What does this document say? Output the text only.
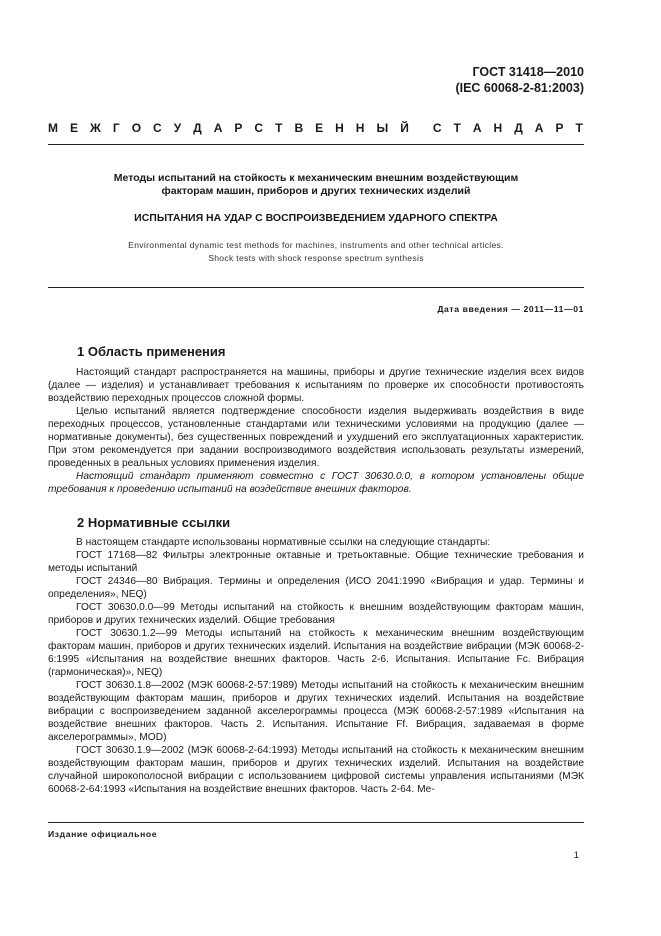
ГОСТ 31418—2010
(IEC 60068-2-81:2003)
М Е Ж Г О С У Д А Р С Т В Е Н Н Ы Й С Т А Н Д А Р Т
Методы испытаний на стойкость к механическим внешним воздействующим
факторам машин, приборов и других технических изделий
ИСПЫТАНИЯ НА УДАР С ВОСПРОИЗВЕДЕНИЕМ УДАРНОГО СПЕКТРА
Environmental dynamic test methods for machines, instruments and other technical articles.
Shock tests with shock response spectrum synthesis
Дата введения — 2011—11—01
1 Область применения

Настоящий стандарт распространяется на машины, приборы и другие технические изделия всех видов (далее — изделия) и устанавливает требования к испытаниям по проверке их способности противостоять воздействию переходных процессов сложной формы.

Целью испытаний является подтверждение способности изделия выдерживать воздействия в виде переходных процессов, установленные стандартами или техническими условиями на продукцию (далее — нормативные документы), без существенных повреждений и ухудшений его эксплуатационных характеристик. При этом рекомендуется при задании воспроизводимого воздействия использовать результаты измерений, проведенных в реальных условиях применения изделия.

Настоящий стандарт применяют совместно с ГОСТ 30630.0.0, в котором установлены общие требования к проведению испытаний на воздействие внешних факторов.

2 Нормативные ссылки

В настоящем стандарте использованы нормативные ссылки на следующие стандарты:

ГОСТ 17168—82 Фильтры электронные октавные и третьоктавные. Общие технические требования и методы испытаний

ГОСТ 24346—80 Вибрация. Термины и определения (ИСО 2041:1990 «Вибрация и удар. Термины и определения», NEQ)

ГОСТ 30630.0.0—99 Методы испытаний на стойкость к внешним воздействующим факторам машин, приборов и других технических изделий. Общие требования

ГОСТ 30630.1.2—99 Методы испытаний на стойкость к механическим внешним воздействующим факторам машин, приборов и других технических изделий. Испытания на воздействие вибрации (МЭК 60068-2-6:1995 «Испытания на воздействие внешних факторов. Часть 2-6. Испытания. Испытание Fc. Вибрация (гармоническая)», NEQ)

ГОСТ 30630.1.8—2002 (МЭК 60068-2-57:1989) Методы испытаний на стойкость к механическим внешним воздействующим факторам машин, приборов и других технических изделий. Испытания на воздействие вибрации с воспроизведением заданной акселерограммы процесса (МЭК 60068-2-57:1989 «Испытания на воздействие внешних факторов. Часть 2. Испытания. Испытание Ff. Вибрация, задаваемая в форме акселерограммы», MOD)

ГОСТ 30630.1.9—2002 (МЭК 60068-2-64:1993) Методы испытаний на стойкость к механическим внешним воздействующим факторам машин, приборов и других технических изделий. Испытания на воздействие случайной широкополосной вибрации с использованием цифровой системы управления испытаниями (МЭК 60068-2-64:1993 «Испытания на воздействие внешних факторов. Часть 2-64. Ме-

Издание официальное
1
